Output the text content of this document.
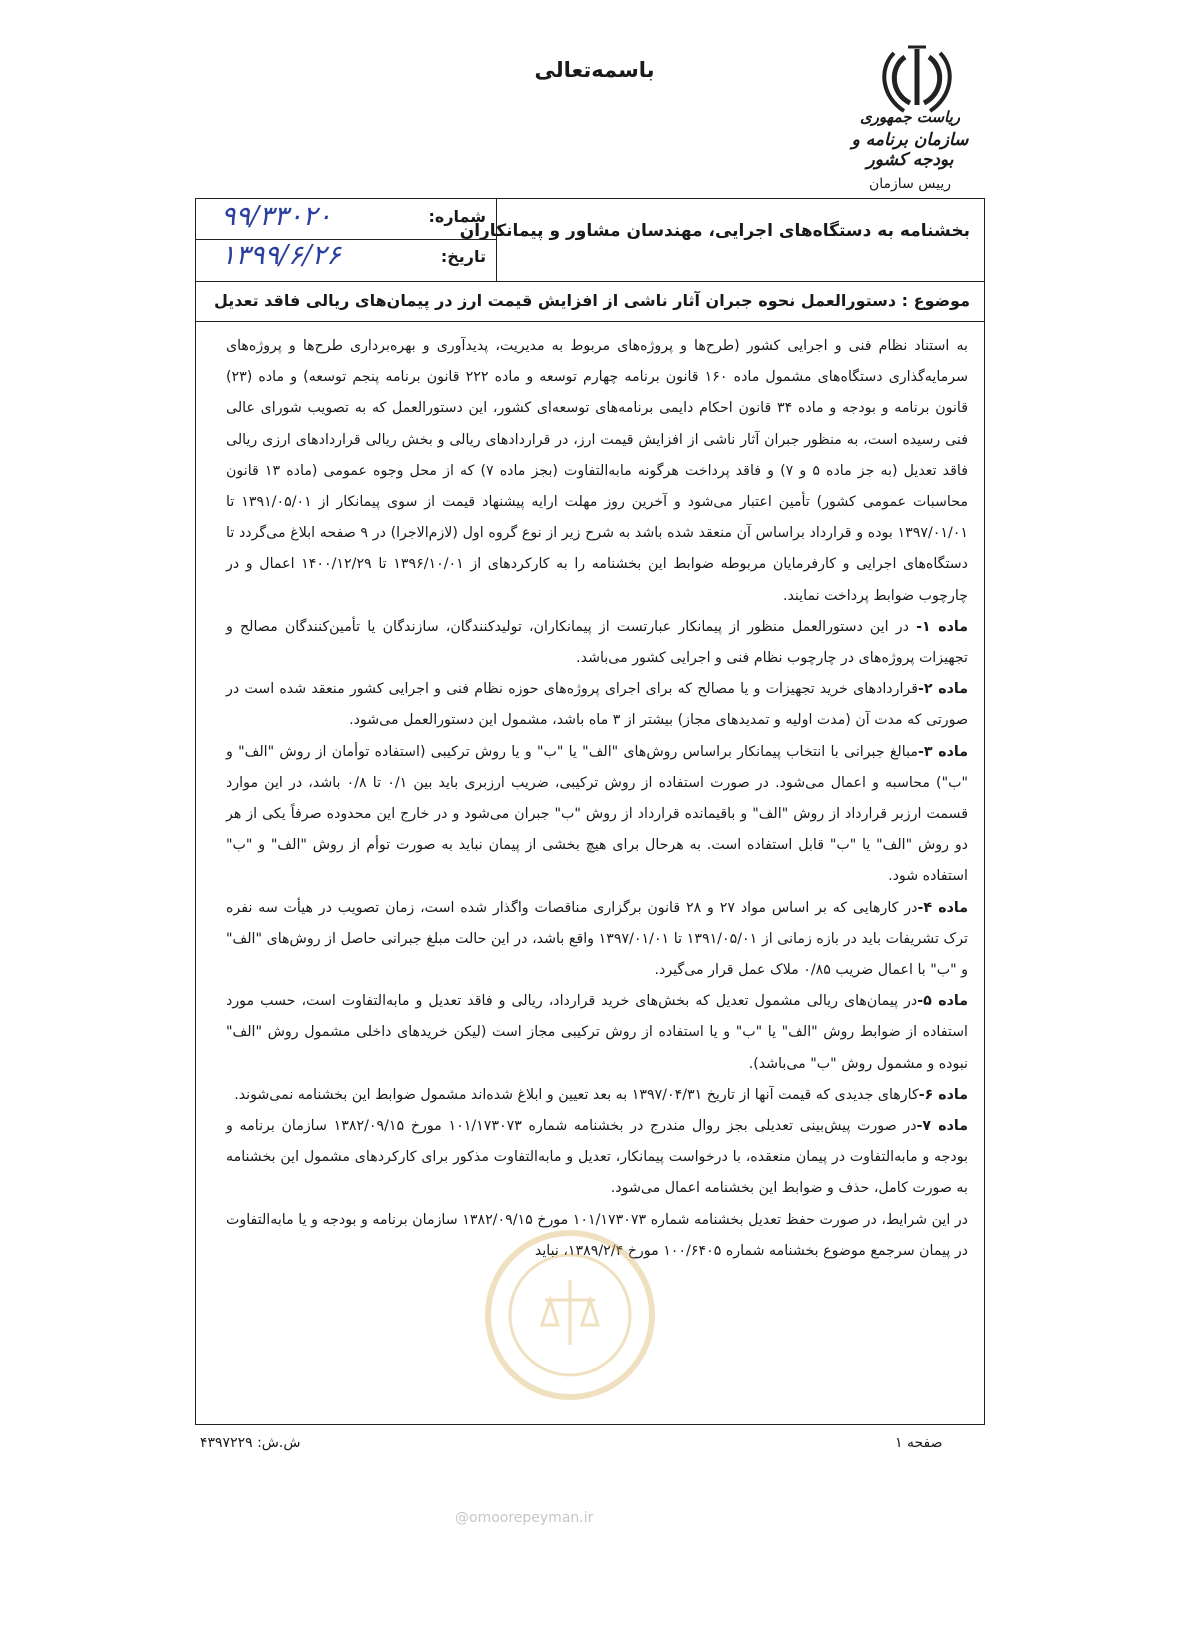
باسمه‌تعالی
ریاست جمهوری
سازمان برنامه و بودجه کشور
رییس سازمان
بخشنامه به دستگاه‌های اجرایی، مهندسان مشاور و پیمانکاران
شماره:
۹۹/۳۳۰۲۰
تاریخ:
۱۳۹۹/۶/۲۶
موضوع : دستورالعمل نحوه جبران آثار ناشی از افزایش قیمت ارز در پیمان‌های ریالی فاقد تعدیل

به استناد نظام فنی و اجرایی کشور (طرح‌ها و پروژه‌های مربوط به مدیریت، پدیدآوری و بهره‌برداری طرح‌ها و پروژه‌های سرمایه‌گذاری دستگاه‌های مشمول ماده ۱۶۰ قانون برنامه چهارم توسعه و ماده ۲۲۲ قانون برنامه پنجم توسعه) و ماده (۲۳) قانون برنامه و بودجه و ماده ۳۴ قانون احکام دایمی برنامه‌های توسعه‌ای کشور، این دستورالعمل که به تصویب شورای عالی فنی رسیده است، به منظور جبران آثار ناشی از افزایش قیمت ارز، در قراردادهای ریالی و بخش ریالی قراردادهای ارزی ریالی فاقد تعدیل (به جز ماده ۵ و ۷) و فاقد پرداخت هرگونه مابه‌التفاوت (بجز ماده ۷) که از محل وجوه عمومی (ماده ۱۳ قانون محاسبات عمومی کشور) تأمین اعتبار می‌شود و آخرین روز مهلت ارایه پیشنهاد قیمت از سوی پیمانکار از ۱۳۹۱/۰۵/۰۱ تا ۱۳۹۷/۰۱/۰۱ بوده و قرارداد براساس آن منعقد شده باشد به شرح زیر از نوع گروه اول (لازم‌الاجرا) در ۹ صفحه ابلاغ می‌گردد تا دستگاه‌های اجرایی و کارفرمایان مربوطه ضوابط این بخشنامه را به کارکردهای از ۱۳۹۶/۱۰/۰۱ تا ۱۴۰۰/۱۲/۲۹ اعمال و در چارچوب ضوابط پرداخت نمایند.

ماده ۱- در این دستورالعمل منظور از پیمانکار عبارتست از پیمانکاران، تولیدکنندگان، سازندگان یا تأمین‌کنندگان مصالح و تجهیزات پروژه‌های در چارچوب نظام فنی و اجرایی کشور می‌باشد.

ماده ۲-قراردادهای خرید تجهیزات و یا مصالح که برای اجرای پروژه‌های حوزه نظام فنی و اجرایی کشور منعقد شده است در صورتی که مدت آن (مدت اولیه و تمدیدهای مجاز) بیشتر از ۳ ماه باشد، مشمول این دستورالعمل می‌شود.

ماده ۳-مبالغ جبرانی با انتخاب پیمانکار براساس روش‌های "الف" یا "ب" و یا روش ترکیبی (استفاده توأمان از روش "الف" و "ب") محاسبه و اعمال می‌شود. در صورت استفاده از روش ترکیبی، ضریب ارزبری باید بین ۰/۱ تا ۰/۸ باشد، در این موارد قسمت ارزبر قرارداد از روش "الف" و باقیمانده قرارداد از روش "ب" جبران می‌شود و در خارج این محدوده صرفاً یکی از هر دو روش "الف" یا "ب" قابل استفاده است. به هرحال برای هیچ بخشی از پیمان نباید به صورت توأم از روش "الف" و "ب" استفاده شود.

ماده ۴-در کارهایی که بر اساس مواد ۲۷ و ۲۸ قانون برگزاری مناقصات واگذار شده است، زمان تصویب در هیأت سه نفره ترک تشریفات باید در بازه زمانی از ۱۳۹۱/۰۵/۰۱ تا ۱۳۹۷/۰۱/۰۱ واقع باشد، در این حالت مبلغ جبرانی حاصل از روش‌های "الف" و "ب" با اعمال ضریب ۰/۸۵ ملاک عمل قرار می‌گیرد.

ماده ۵-در پیمان‌های ریالی مشمول تعدیل که بخش‌های خرید قرارداد، ریالی و فاقد تعدیل و مابه‌التفاوت است، حسب مورد استفاده از ضوابط روش "الف" یا "ب" و یا استفاده از روش ترکیبی مجاز است (لیکن خریدهای داخلی مشمول روش "الف" نبوده و مشمول روش "ب" می‌باشد).

ماده ۶-کارهای جدیدی که قیمت آنها از تاریخ ۱۳۹۷/۰۴/۳۱ به بعد تعیین و ابلاغ شده‌اند مشمول ضوابط این بخشنامه نمی‌شوند.

ماده ۷-در صورت پیش‌بینی تعدیلی بجز روال مندرج در بخشنامه شماره ۱۰۱/۱۷۳۰۷۳ مورخ ۱۳۸۲/۰۹/۱۵ سازمان برنامه و بودجه و مابه‌التفاوت در پیمان منعقده، با درخواست پیمانکار، تعدیل و مابه‌التفاوت مذکور برای کارکردهای مشمول این بخشنامه به صورت کامل، حذف و ضوابط این بخشنامه اعمال می‌شود.

در این شرایط، در صورت حفظ تعدیل بخشنامه شماره ۱۰۱/۱۷۳۰۷۳ مورخ ۱۳۸۲/۰۹/۱۵ سازمان برنامه و بودجه و یا مابه‌التفاوت در پیمان سرجمع موضوع بخشنامه شماره ۱۰۰/۶۴۰۵ مورخ ۱۳۸۹/۲/۴، نباید

صفحه ۱
ش.ش: ۴۳۹۷۲۲۹
@omoorepeyman.ir
